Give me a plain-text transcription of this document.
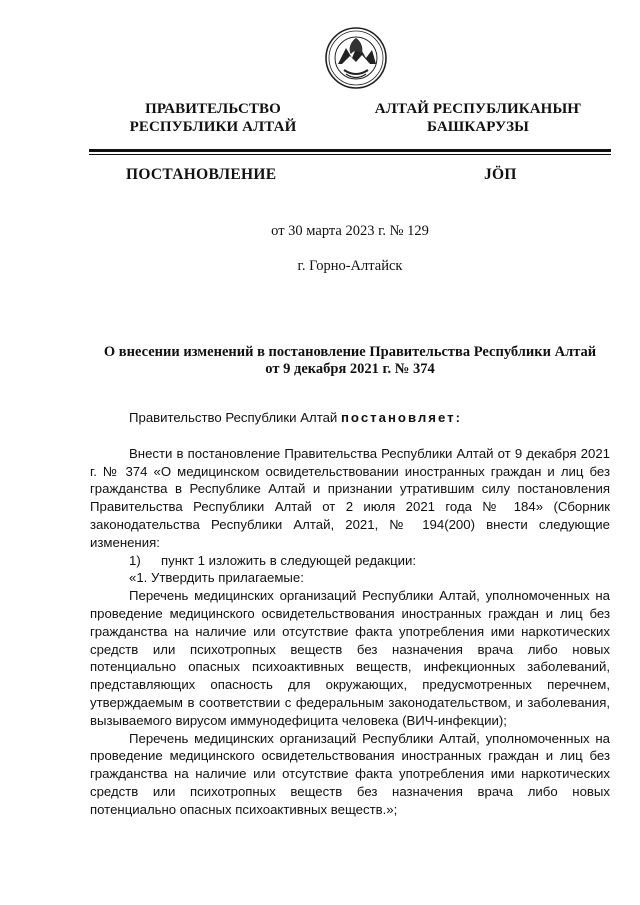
ПРАВИТЕЛЬСТВО
РЕСПУБЛИКИ АЛТАЙ
АЛТАЙ РЕСПУБЛИКАНЫҤ
БАШКАРУЗЫ
ПОСТАНОВЛЕНИЕ	JÖП
от 30 марта 2023 г. № 129
г. Горно-Алтайск
О внесении изменений в постановление Правительства Республики Алтай
от 9 декабря 2021 г. № 374

Правительство Республики Алтай постановляет:

Внести в постановление Правительства Республики Алтай от 9 декабря 2021 г. № 374 «О медицинском освидетельствовании иностранных граждан и лиц без гражданства в Республике Алтай и признании утратившим силу постановления Правительства Республики Алтай от 2 июля 2021 года № 184» (Сборник законодательства Республики Алтай, 2021, № 194(200) внести следующие изменения:

1) пункт 1 изложить в следующей редакции:

«1. Утвердить прилагаемые:

Перечень медицинских организаций Республики Алтай, уполномоченных на проведение медицинского освидетельствования иностранных граждан и лиц без гражданства на наличие или отсутствие факта употребления ими наркотических средств или психотропных веществ без назначения врача либо новых потенциально опасных психоактивных веществ, инфекционных заболеваний, представляющих опасность для окружающих, предусмотренных перечнем, утверждаемым в соответствии с федеральным законодательством, и заболевания, вызываемого вирусом иммунодефицита человека (ВИЧ-инфекции);

Перечень медицинских организаций Республики Алтай, уполномоченных на проведение медицинского освидетельствования иностранных граждан и лиц без гражданства на наличие или отсутствие факта употребления ими наркотических средств или психотропных веществ без назначения врача либо новых потенциально опасных психоактивных веществ.»;
